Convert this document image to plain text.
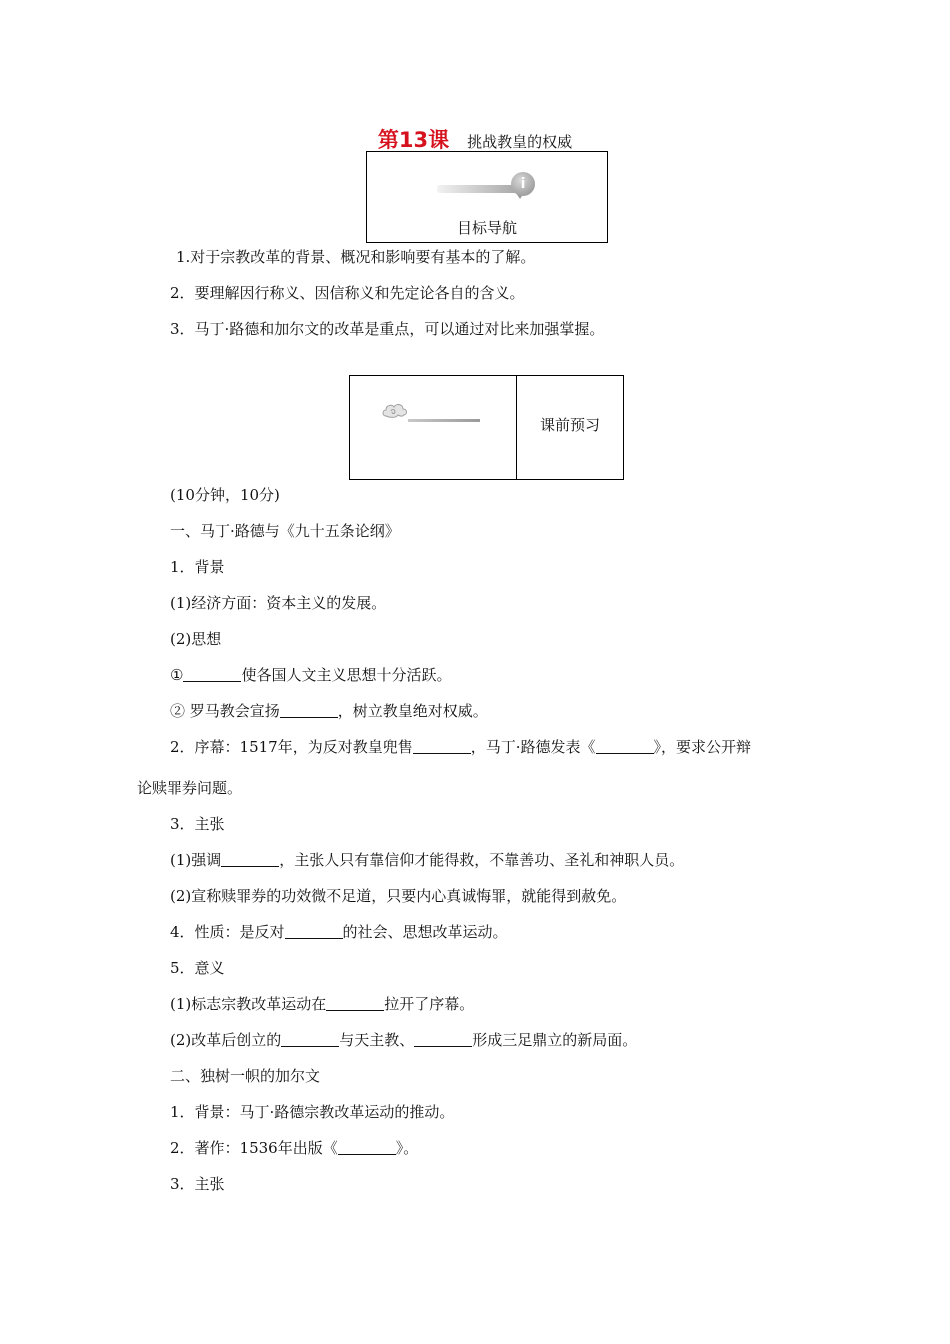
第13课 挑战教皇的权威
i
目标导航
1.对于宗教改革的背景、概况和影响要有基本的了解。
2．要理解因行称义、因信称义和先定论各自的含义。
3．马丁·路德和加尔文的改革是重点，可以通过对比来加强掌握。
课前预习
(10分钟，10分)
一、马丁·路德与《九十五条论纲》
1．背景
(1)经济方面：资本主义的发展。
(2)思想
①	使各国人文主义思想十分活跃。
② 罗马教会宣扬	，树立教皇绝对权威。
2．序幕：1517年，为反对教皇兜售	，马丁·路德发表《	》，要求公开辩
论赎罪券问题。
3．主张
(1)强调	，主张人只有靠信仰才能得救，不靠善功、圣礼和神职人员。
(2)宣称赎罪券的功效微不足道，只要内心真诚悔罪，就能得到赦免。
4．性质：是反对	的社会、思想改革运动。
5．意义
(1)标志宗教改革运动在	拉开了序幕。
(2)改革后创立的	与天主教、	形成三足鼎立的新局面。
二、独树一帜的加尔文
1．背景：马丁·路德宗教改革运动的推动。
2．著作：1536年出版《	》。
3．主张
